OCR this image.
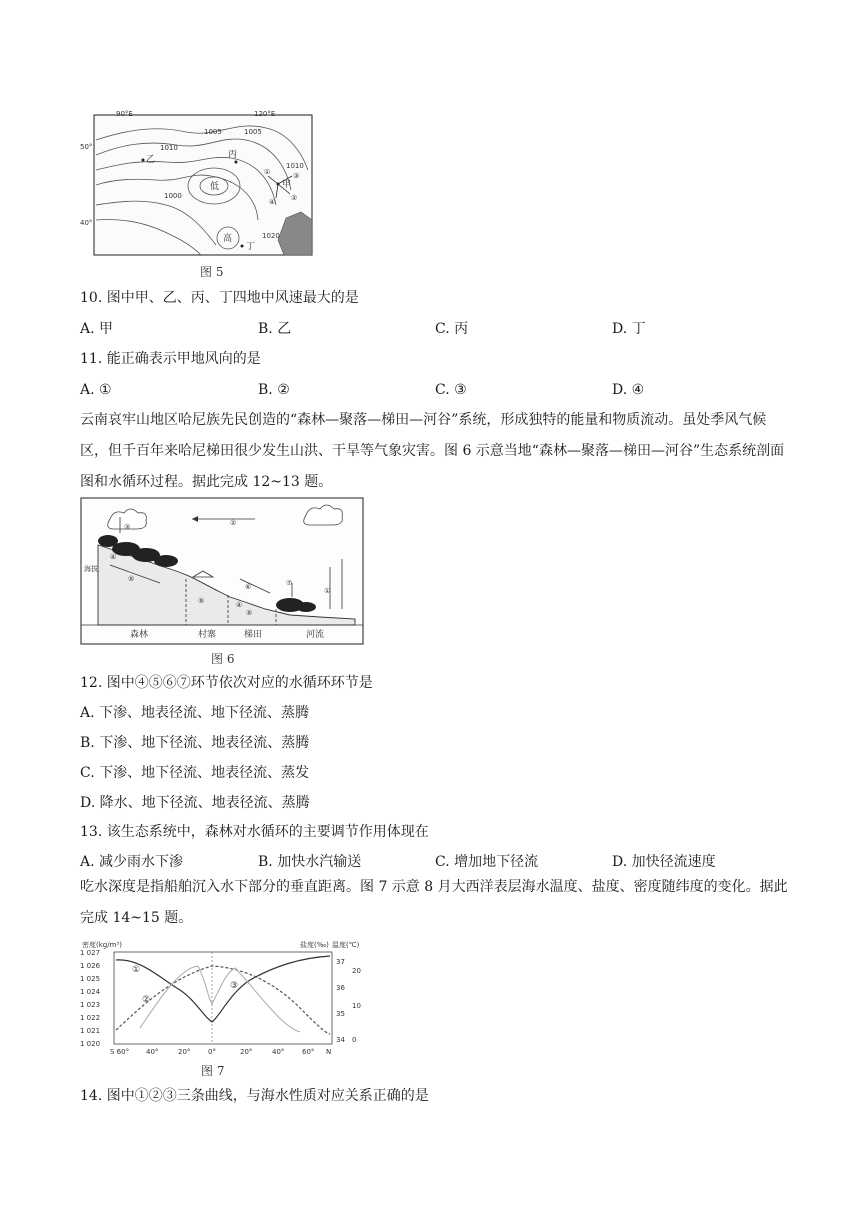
90°E	120°E
50°
40°
1005	1005
1010
1010
1000
1020
乙	丙
甲
丁
低
高
①	③
②
④
图 5
10. 图中甲、乙、丙、丁四地中风速最大的是
A. 甲	B. 乙	C. 丙	D. 丁
11. 能正确表示甲地风向的是
A. ①	B. ②	C. ③	D. ④
云南哀牢山地区哈尼族先民创造的“森林—聚落—梯田—河谷”系统，形成独特的能量和物质流动。虽处季风气候区，但千百年来哈尼梯田很少发生山洪、干旱等气象灾害。图 6 示意当地“森林—聚落—梯田—河谷”生态系统剖面图和水循环过程。据此完成 12~13 题。
②
③
④
⑤
⑥	⑦
①
⑤	④
⑤
海拔
森林	村寨	梯田	河流
图 6
12. 图中④⑤⑥⑦环节依次对应的水循环环节是
A. 下渗、地表径流、地下径流、蒸腾
B. 下渗、地下径流、地表径流、蒸腾
C. 下渗、地下径流、地表径流、蒸发
D. 降水、地下径流、地表径流、蒸腾
13. 该生态系统中，森林对水循环的主要调节作用体现在
A. 减少雨水下渗	B. 加快水汽输送	C. 增加地下径流	D. 加快径流速度
吃水深度是指船舶沉入水下部分的垂直距离。图 7 示意 8 月大西洋表层海水温度、盐度、密度随纬度的变化。据此完成 14~15 题。
密度(kg/m³)	盐度(‰) 温度(℃)
1 027
1 026
1 025
1 024
1 023
1 022
1 021
1 020
37
36
35
34
20
10
0
S 60° 40°	20°	0°	20°	40°	60° N
①
②
③
图 7
14. 图中①②③三条曲线，与海水性质对应关系正确的是
